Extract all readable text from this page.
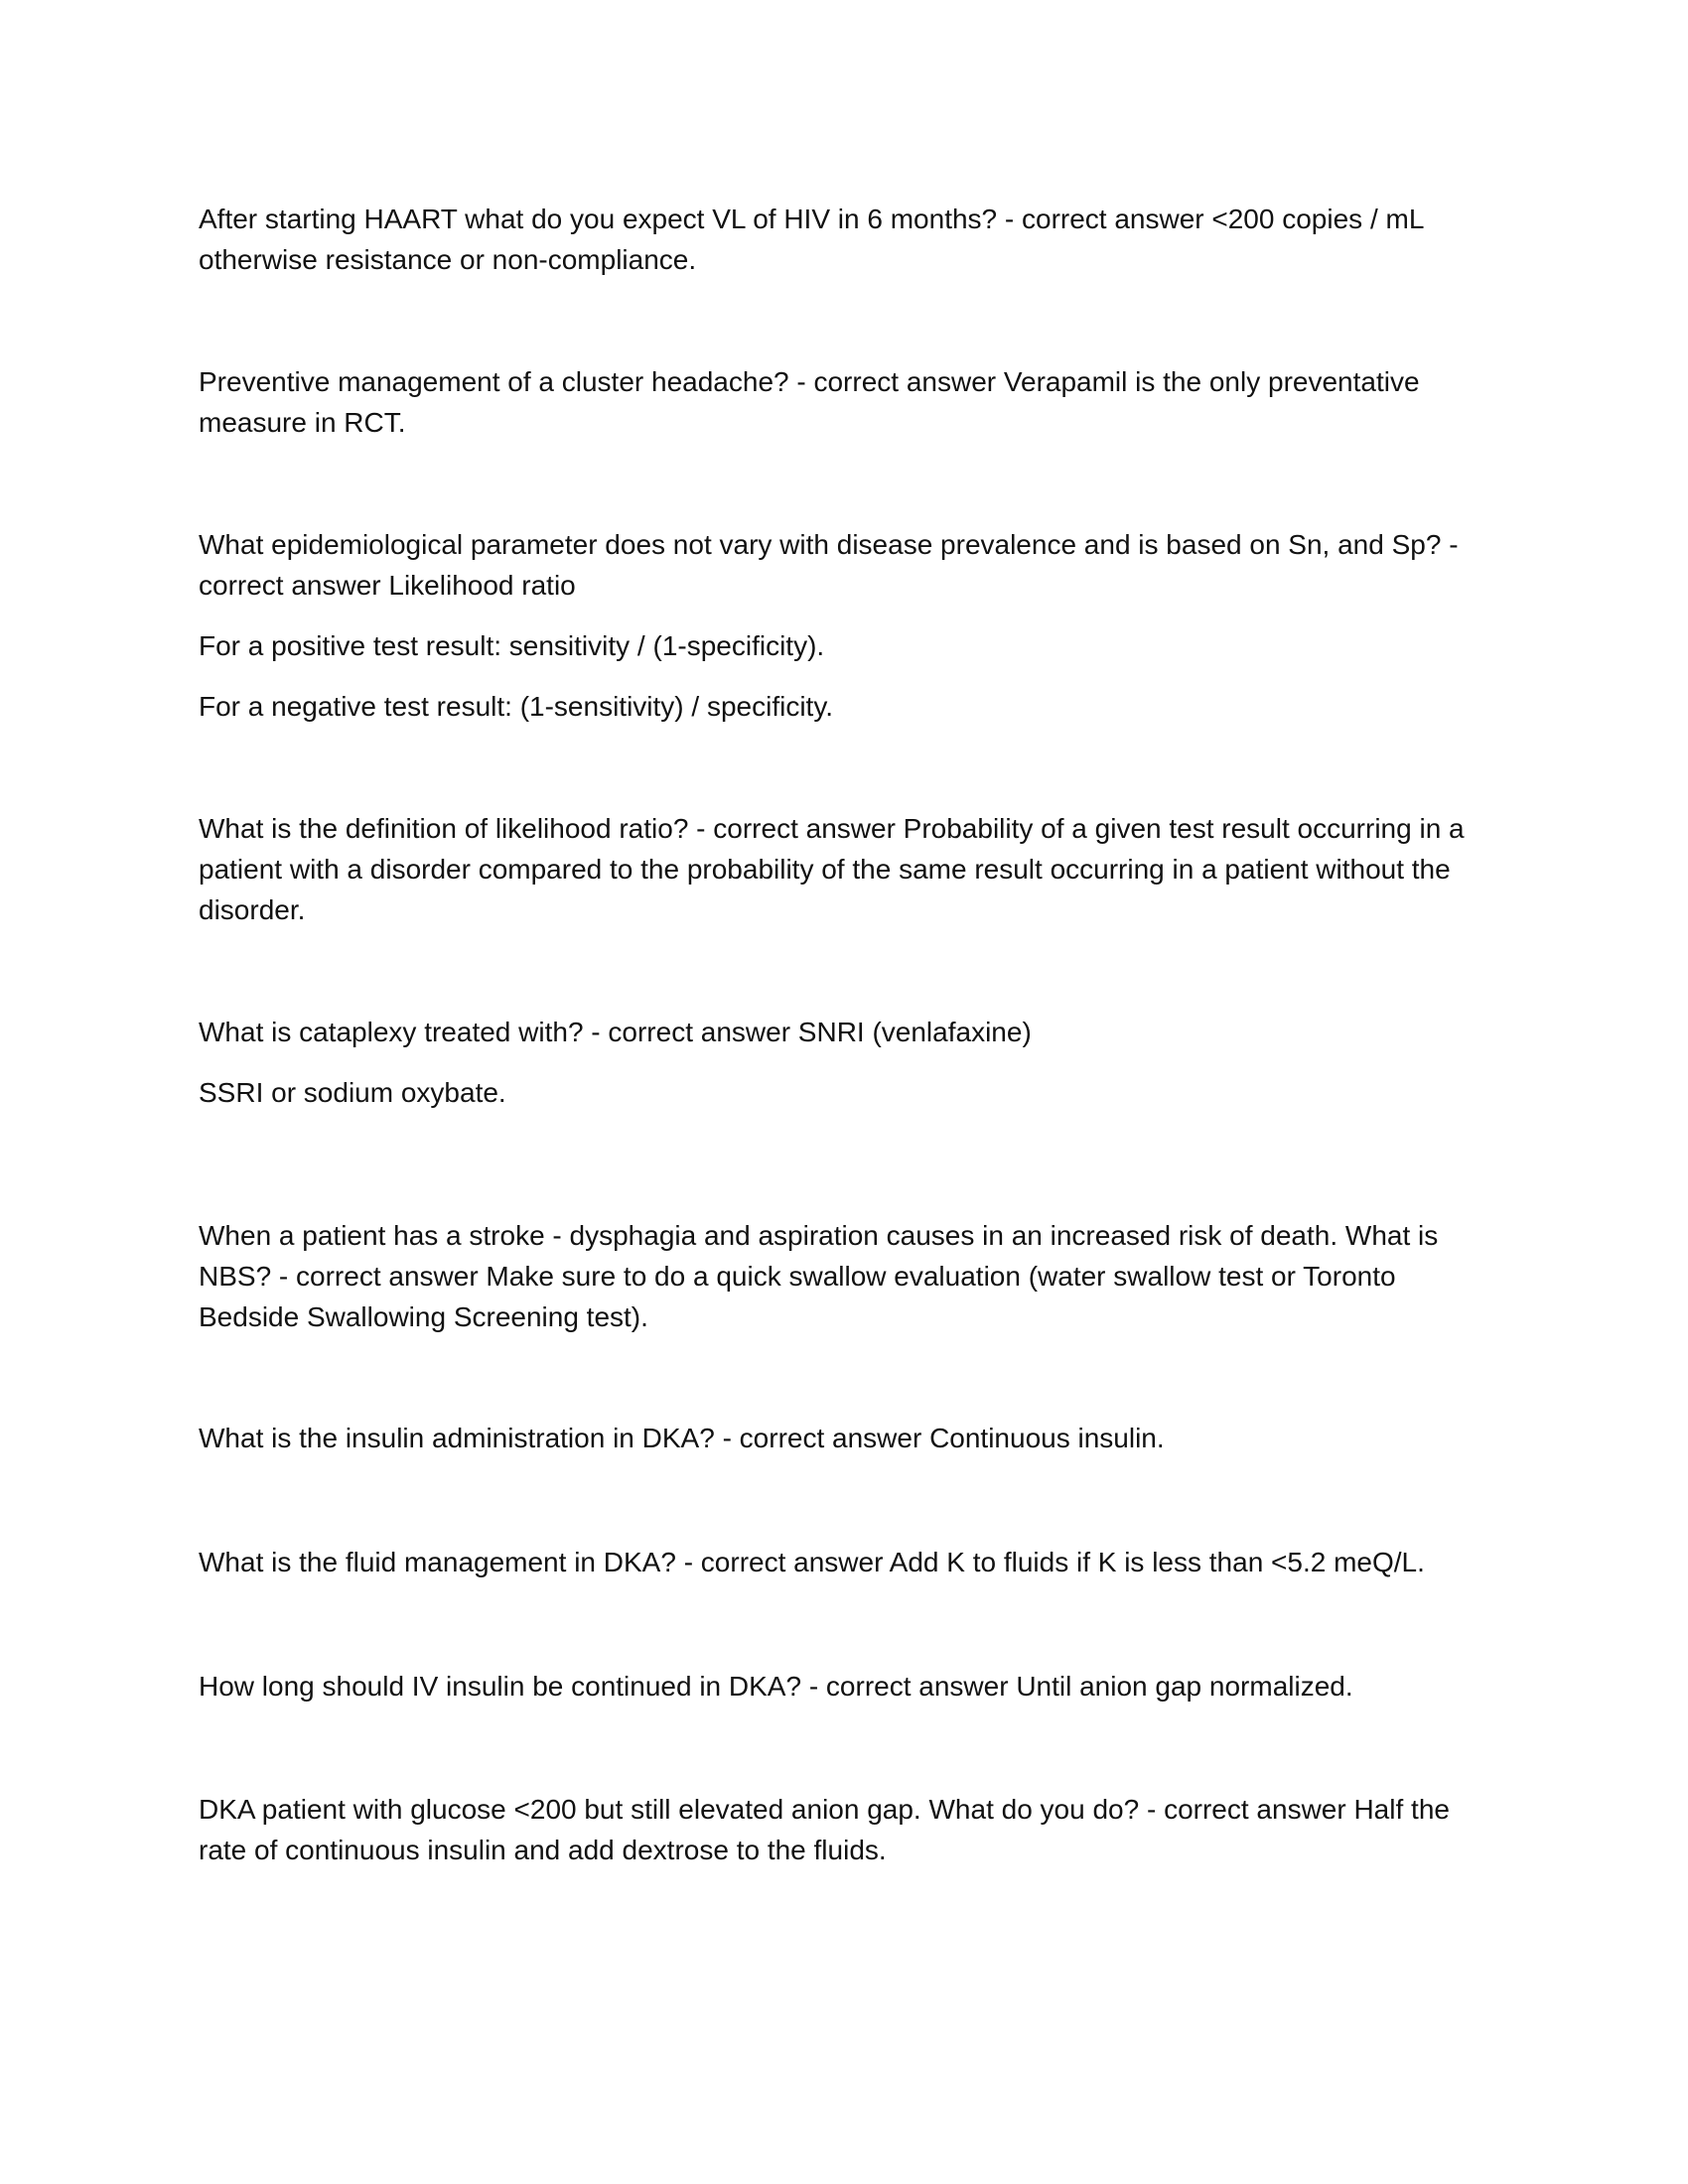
After starting HAART what do you expect VL of HIV in 6 months? - correct answer <200 copies / mL otherwise resistance or non-compliance.

Preventive management of a cluster headache? - correct answer Verapamil is the only preventative measure in RCT.

What epidemiological parameter does not vary with disease prevalence and is based on Sn, and Sp? - correct answer Likelihood ratio

For a positive test result: sensitivity / (1-specificity).

For a negative test result: (1-sensitivity) / specificity.

What is the definition of likelihood ratio? - correct answer Probability of a given test result occurring in a patient with a disorder compared to the probability of the same result occurring in a patient without the disorder.

What is cataplexy treated with? - correct answer SNRI (venlafaxine)

SSRI or sodium oxybate.

When a patient has a stroke - dysphagia and aspiration causes in an increased risk of death. What is NBS? - correct answer Make sure to do a quick swallow evaluation (water swallow test or Toronto Bedside Swallowing Screening test).

What is the insulin administration in DKA? - correct answer Continuous insulin.

What is the fluid management in DKA? - correct answer Add K to fluids if K is less than <5.2 meQ/L.

How long should IV insulin be continued in DKA? - correct answer Until anion gap normalized.

DKA patient with glucose <200 but still elevated anion gap. What do you do? - correct answer Half the rate of continuous insulin and add dextrose to the fluids.
